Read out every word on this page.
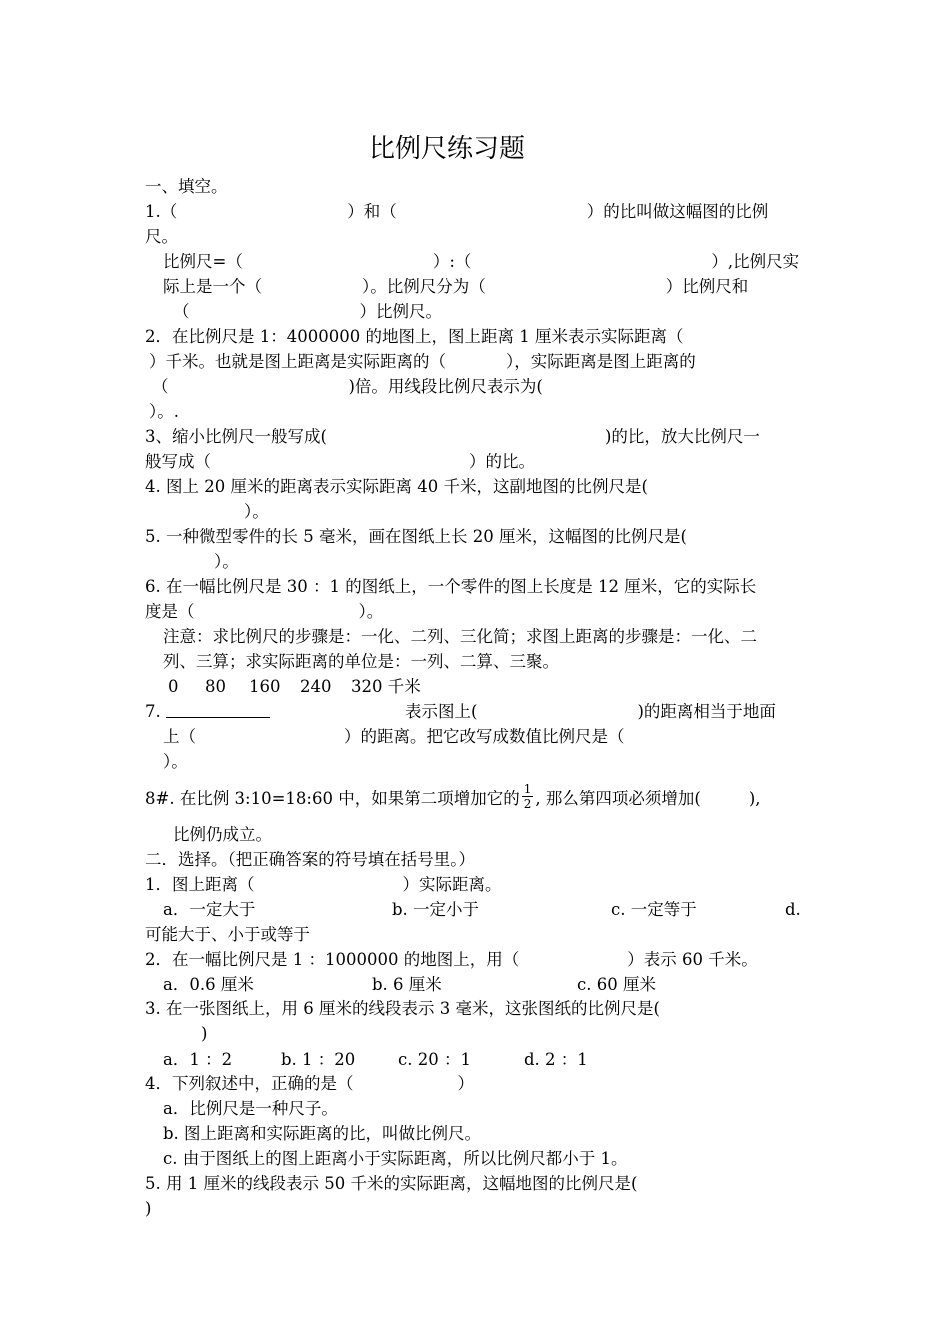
比例尺练习题
一、填空。
1.（	）和（	）的比叫做这幅图的比例
尺。
比例尺=（	）:（	）,比例尺实
际上是一个（	）。比例尺分为（	）比例尺和
（	）比例尺。
2．在比例尺是 1：4000000 的地图上，图上距离 1 厘米表示实际距离（
）千米。也就是图上距离是实际距离的（	），实际距离是图上距离的
（	)倍。用线段比例尺表示为(
）。.
3、缩小比例尺一般写成(	)的比，放大比例尺一
般写成（	）的比。
4. 图上 20 厘米的距离表示实际距离 40 千米，这副地图的比例尺是(
）。
5. 一种微型零件的长 5 毫米，画在图纸上长 20 厘米，这幅图的比例尺是(
）。
6. 在一幅比例尺是 30 ：1 的图纸上，一个零件的图上长度是 12 厘米，它的实际长
度是（	）。
注意：求比例尺的步骤是：一化、二列、三化简；求图上距离的步骤是：一化、二
列、三算；求实际距离的单位是：一列、二算、三聚。
0 80 160 240 320 千米
7.	表示图上(	)的距离相当于地面
上（	）的距离。把它改写成数值比例尺是（
）。
8#. 在比例 3:10=18:60 中，如果第二项增加它的 $\frac{1}{2}$ , 那么第四项必须增加(	),
比例仍成立。
二．选择。（把正确答案的符号填在括号里。）
1．图上距离（	）实际距离。
a．一定大于	b. 一定小于	c. 一定等于	d.
可能大于、小于或等于
2．在一幅比例尺是 1 ：1000000 的地图上，用（	）表示 60 千米。
a．0.6 厘米	b. 6 厘米	c. 60 厘米
3. 在一张图纸上，用 6 厘米的线段表示 3 毫米，这张图纸的比例尺是(
)
a．1 ：2	b. 1 ：20	c. 20 ：1	d. 2 ：1
4．下列叙述中，正确的是（	）
a．比例尺是一种尺子。
b. 图上距离和实际距离的比，叫做比例尺。
c. 由于图纸上的图上距离小于实际距离，所以比例尺都小于 1。
5. 用 1 厘米的线段表示 50 千米的实际距离，这幅地图的比例尺是(
)
